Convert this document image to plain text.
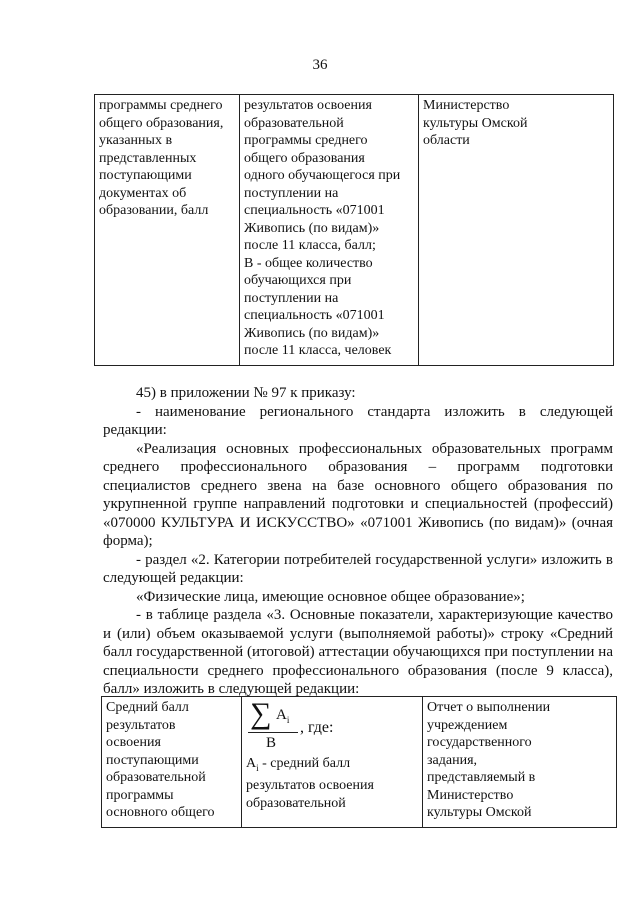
36
программы среднего
общего образования,
указанных в
представленных
поступающими
документах об
образовании, балл

результатов освоения
образовательной
программы среднего
общего образования
одного обучающегося при
поступлении на
специальность «071001
Живопись (по видам)»
после 11 класса, балл;
В - общее количество
обучающихся при
поступлении на
специальность «071001
Живопись (по видам)»
после 11 класса, человек

Министерство
культуры Омской
области

45) в приложении № 97 к приказу:

- наименование регионального стандарта изложить в следующей редакции:

«Реализация основных профессиональных образовательных программ среднего профессионального образования – программ подготовки специалистов среднего звена на базе основного общего образования по укрупненной группе направлений подготовки и специальностей (профессий) «070000 КУЛЬТУРА И ИСКУССТВО» «071001 Живопись (по видам)» (очная форма);

- раздел «2. Категории потребителей государственной услуги» изложить в следующей редакции:

«Физические лица, имеющие основное общее образование»;

- в таблице раздела «3. Основные показатели, характеризующие качество и (или) объем оказываемой услуги (выполняемой работы)» строку «Средний балл государственной (итоговой) аттестации обучающихся при поступлении на специальности среднего профессионального образования (после 9 класса), балл» изложить в следующей редакции:

Средний балл
результатов
освоения
поступающими
образовательной
программы
основного общего

∑ $A_i$
B
, где:
$A_i$ - средний балл
результатов освоения
образовательной

Отчет о выполнении
учреждением
государственного
задания,
представляемый в
Министерство
культуры Омской
